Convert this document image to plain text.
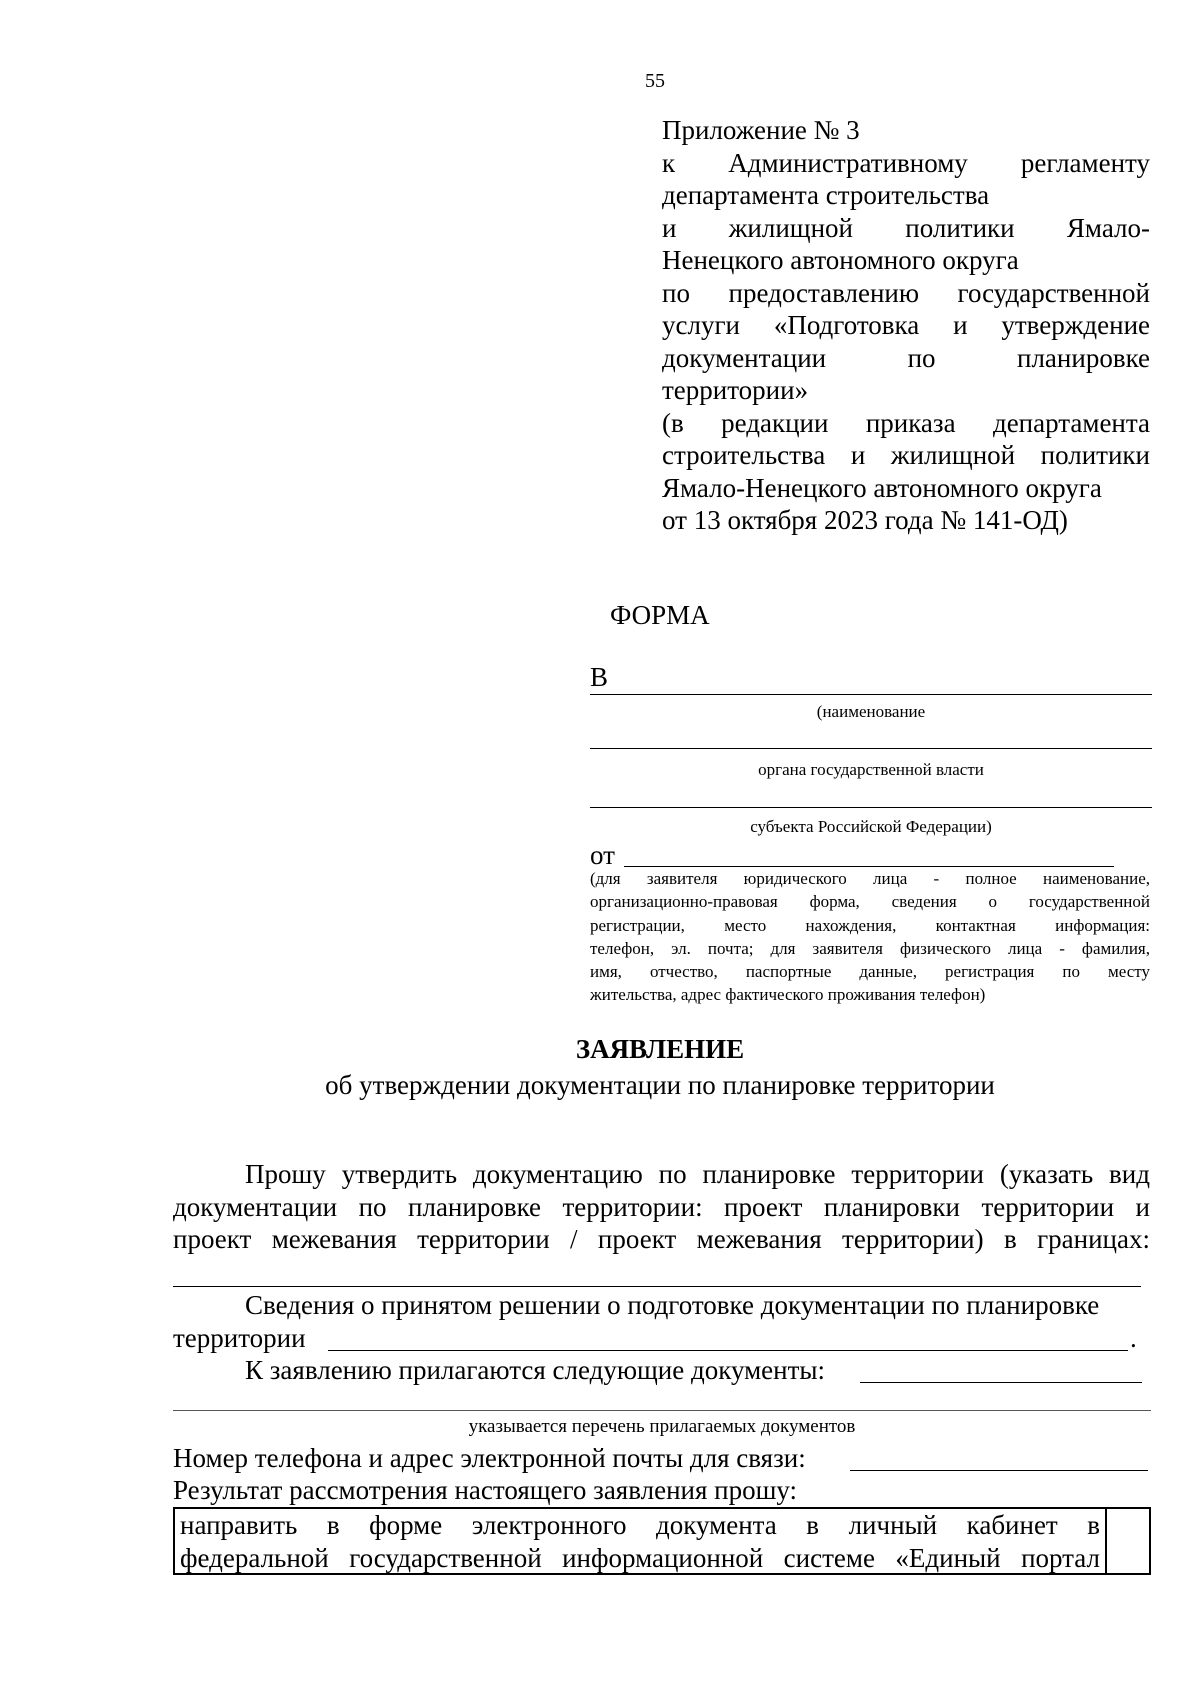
55
Приложение № 3
к Административному регламенту
департамента строительства
и жилищной политики Ямало-
Ненецкого автономного округа
по предоставлению государственной
услуги «Подготовка и утверждение
документации по планировке
территории»
(в редакции приказа департамента
строительства и жилищной политики
Ямало-Ненецкого автономного округа
от 13 октября 2023 года № 141-ОД)
ФОРМА
В
(наименование
органа государственной власти
субъекта Российской Федерации)
от
(для заявителя юридического лица - полное наименование,
организационно-правовая форма, сведения о государственной
регистрации, место нахождения, контактная информация:
телефон, эл. почта; для заявителя физического лица - фамилия,
имя, отчество, паспортные данные, регистрация по месту
жительства, адрес фактического проживания телефон)
ЗАЯВЛЕНИЕ
об утверждении документации по планировке территории
Прошу утвердить документацию по планировке территории (указать вид
документации по планировке территории: проект планировки территории и
проект межевания территории / проект межевания территории) в границах:
Сведения о принятом решении о подготовке документации по планировке
территории	.
К заявлению прилагаются следующие документы:
указывается перечень прилагаемых документов
Номер телефона и адрес электронной почты для связи:
Результат рассмотрения настоящего заявления прошу:
направить в форме электронного документа в личный кабинет в
федеральной государственной информационной системе «Единый портал
